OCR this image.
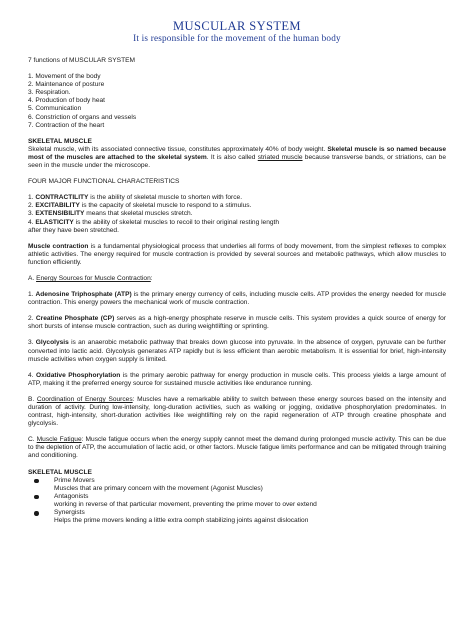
MUSCULAR SYSTEM

It is responsible for the movement of the human body

7 functions of MUSCULAR SYSTEM

1. Movement of the body

2. Maintenance of posture

3. Respiration.

4. Production of body heat

5. Communication

6. Constriction of organs and vessels

7. Contraction of the heart

SKELETAL MUSCLE

Skeletal muscle, with its associated connective tissue, constitutes approximately 40% of body weight. Skeletal muscle is so named because most of the muscles are attached to the skeletal system. It is also called striated muscle because transverse bands, or striations, can be seen in the muscle under the microscope.

FOUR MAJOR FUNCTIONAL CHARACTERISTICS

1. CONTRACTILITY is the ability of skeletal muscle to shorten with force.

2. EXCITABILITY is the capacity of skeletal muscle to respond to a stimulus.

3. EXTENSIBILITY means that skeletal muscles stretch.

4. ELASTICITY is the ability of skeletal muscles to recoil to their original resting length

after they have been stretched.

Muscle contraction is a fundamental physiological process that underlies all forms of body movement, from the simplest reflexes to complex athletic activities. The energy required for muscle contraction is provided by several sources and metabolic pathways, which allow muscles to function efficiently.

A. Energy Sources for Muscle Contraction:

1. Adenosine Triphosphate (ATP) is the primary energy currency of cells, including muscle cells. ATP provides the energy needed for muscle contraction. This energy powers the mechanical work of muscle contraction.

2. Creatine Phosphate (CP) serves as a high-energy phosphate reserve in muscle cells. This system provides a quick source of energy for short bursts of intense muscle contraction, such as during weightlifting or sprinting.

3. Glycolysis is an anaerobic metabolic pathway that breaks down glucose into pyruvate. In the absence of oxygen, pyruvate can be further converted into lactic acid. Glycolysis generates ATP rapidly but is less efficient than aerobic metabolism. It is essential for brief, high-intensity muscle activities when oxygen supply is limited.

4. Oxidative Phosphorylation is the primary aerobic pathway for energy production in muscle cells. This process yields a large amount of ATP, making it the preferred energy source for sustained muscle activities like endurance running.

B. Coordination of Energy Sources: Muscles have a remarkable ability to switch between these energy sources based on the intensity and duration of activity. During low-intensity, long-duration activities, such as walking or jogging, oxidative phosphorylation predominates. In contrast, high-intensity, short-duration activities like weightlifting rely on the rapid regeneration of ATP through creatine phosphate and glycolysis.

C. Muscle Fatigue: Muscle fatigue occurs when the energy supply cannot meet the demand during prolonged muscle activity. This can be due to the depletion of ATP, the accumulation of lactic acid, or other factors. Muscle fatigue limits performance and can be mitigated through training and conditioning.

SKELETAL MUSCLE

Prime Movers

Muscles that are primary concern with the movement (Agonist Muscles)

Antagonists

working in reverse of that particular movement, preventing the prime mover to over extend

Synergists

Helps the prime movers lending a little extra oomph stabilizing joints against dislocation
